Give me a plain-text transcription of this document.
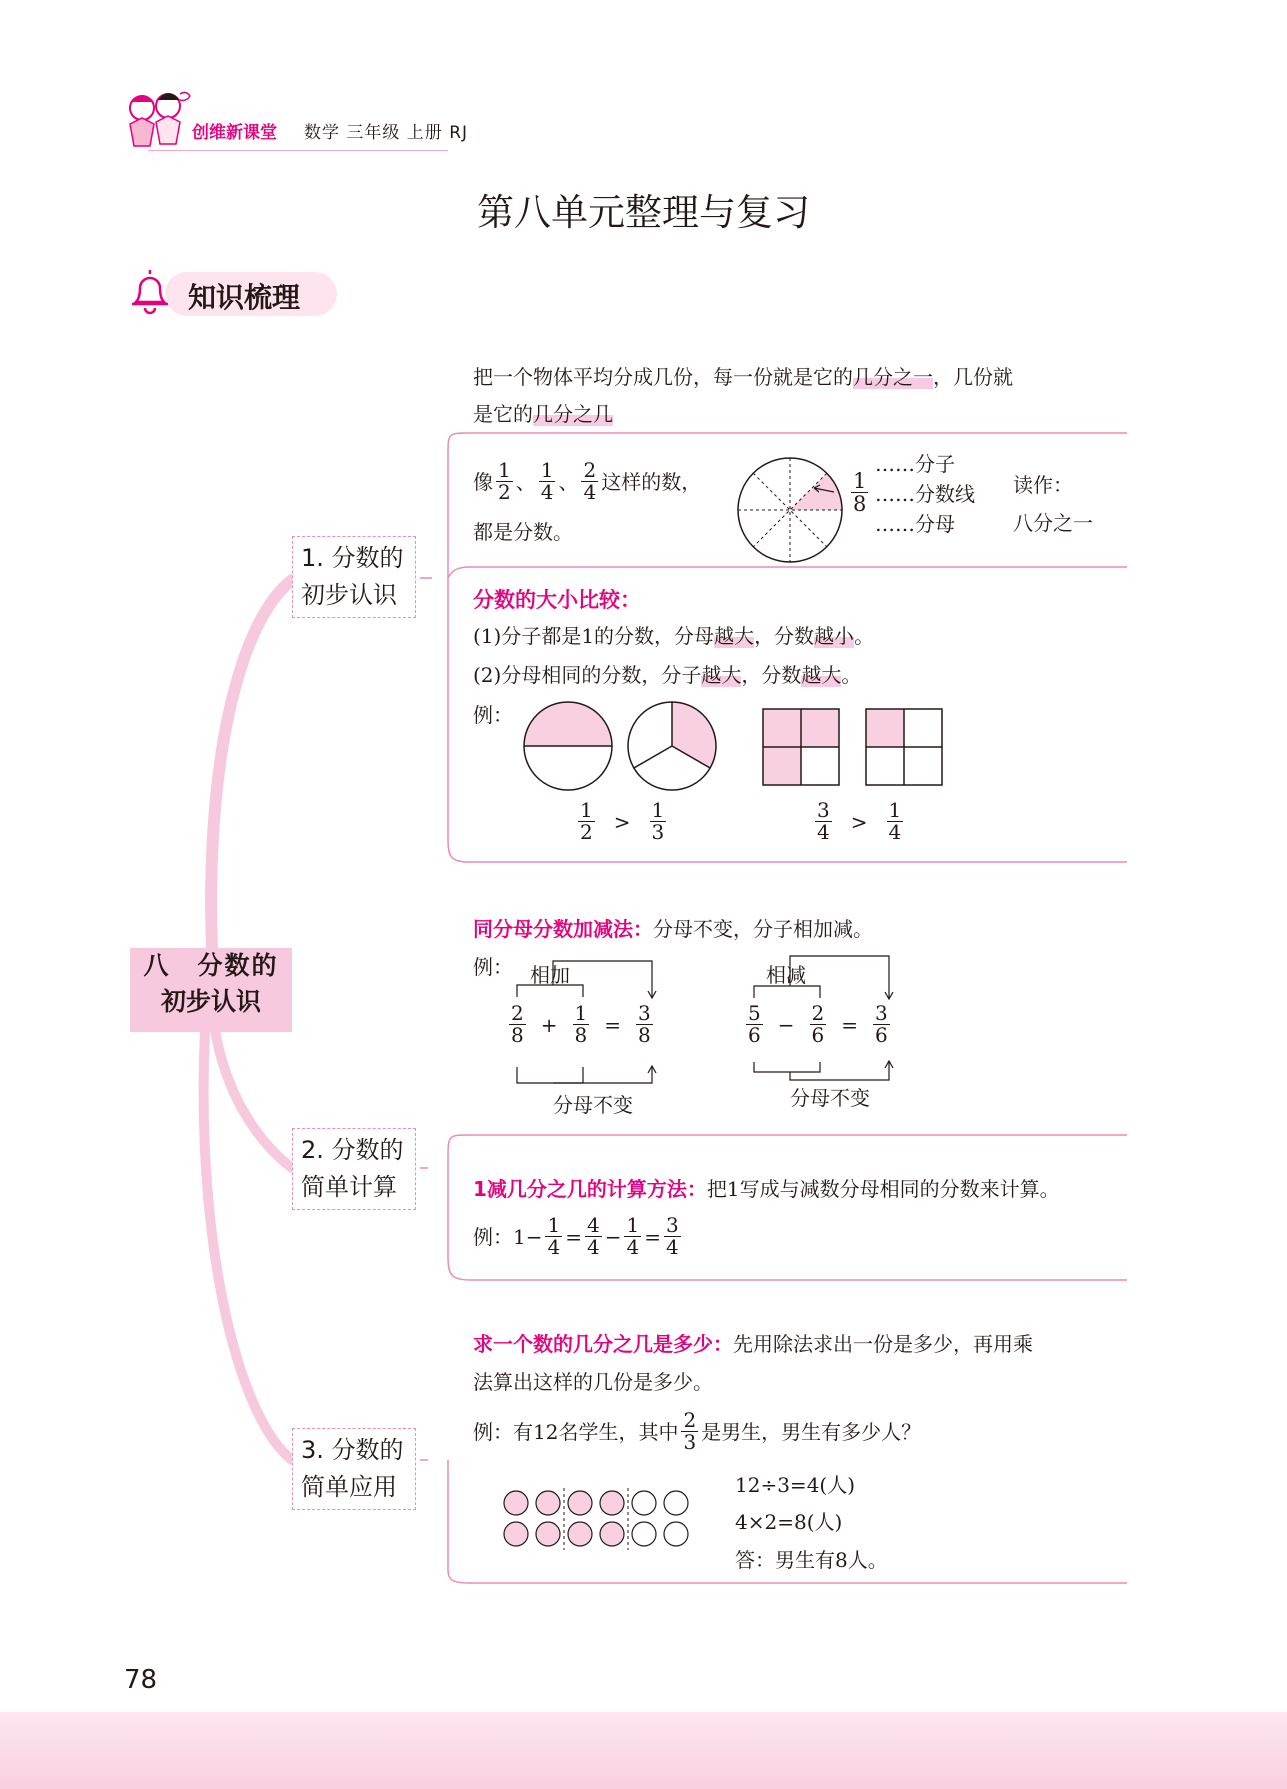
创维新课堂 数学 三年级 上册 RJ
第八单元整理与复习
知识梳理
八　分数的
初步认识
1. 分数的
初步认识
2. 分数的
简单计算
3. 分数的
简单应用
把一个物体平均分成几份，每一份就是它的几分之一，几份就
是它的几分之几
像 $\frac{1}{2}$ 、 $\frac{1}{4}$ 、 $\frac{2}{4}$ 这样的数，
都是分数。
$\frac{1}{8}$
……分子
……分数线
……分母
读作：
八分之一
分数的大小比较：
(1)分子都是1的分数，分母越大，分数越小。
(2)分母相同的分数，分子越大，分数越大。
例：
$\frac{1}{2} > \frac{1}{3}$	$\frac{3}{4} > \frac{1}{4}$
同分母分数加减法：分母不变，分子相加减。
例： 相加
$\frac{2}{8} + \frac{1}{8} = \frac{3}{8}$
分母不变
相减
$\frac{5}{6} - \frac{2}{6} = \frac{3}{6}$
分母不变
1减几分之几的计算方法：把1写成与减数分母相同的分数来计算。
例：$1- \frac{1}{4} = \frac{4}{4} - \frac{1}{4} = \frac{3}{4}$
求一个数的几分之几是多少：先用除法求出一份是多少，再用乘
法算出这样的几份是多少。
例：有12名学生，其中 $\frac{2}{3}$ 是男生，男生有多少人？
12÷3=4(人)
4×2=8(人)
答：男生有8人。
78
